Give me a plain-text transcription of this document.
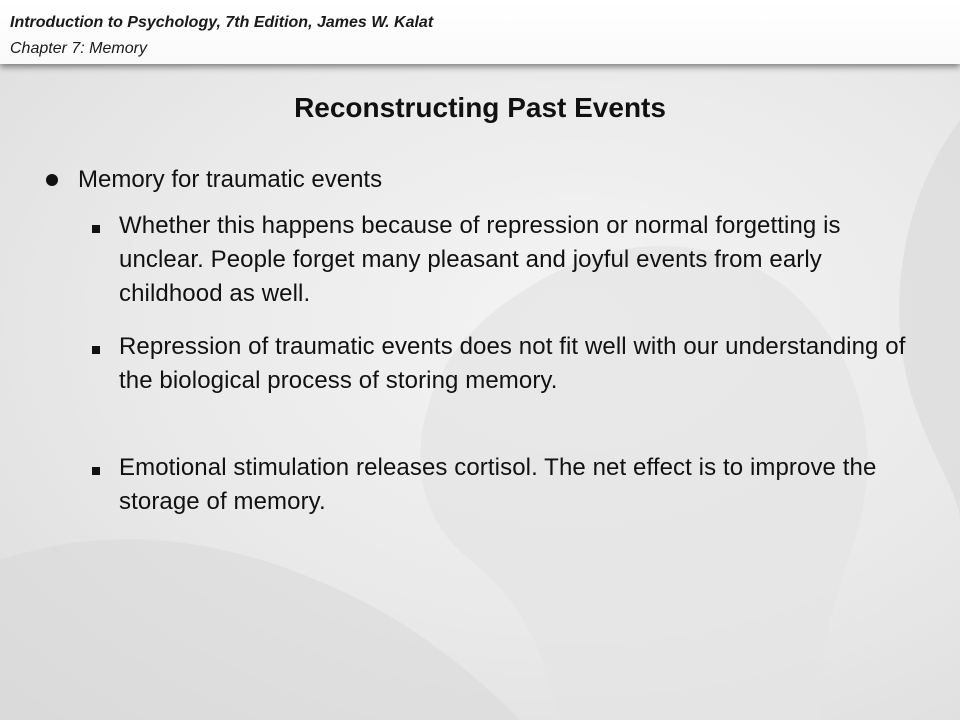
Introduction to Psychology, 7th Edition, James W. Kalat
Chapter 7: Memory
Reconstructing Past Events
Memory for traumatic events
Whether this happens because of repression or normal forgetting is unclear. People forget many pleasant and joyful events from early childhood as well.
Repression of traumatic events does not fit well with our understanding of the biological process of storing memory.
Emotional stimulation releases cortisol. The net effect is to improve the storage of memory.
